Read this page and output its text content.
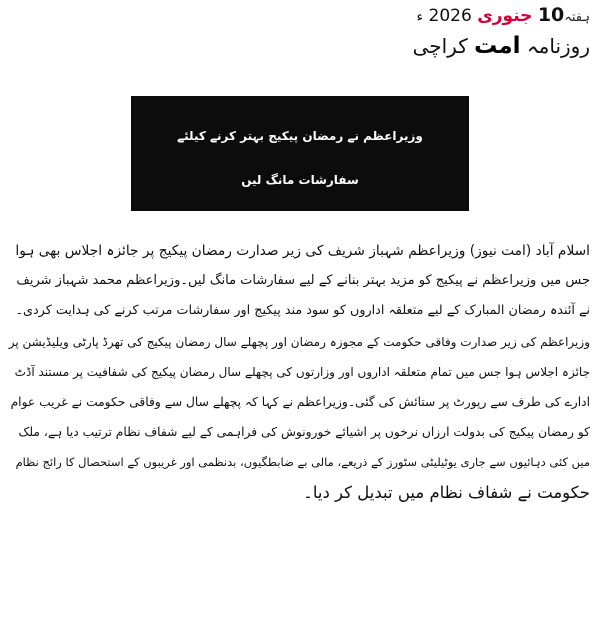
ہفتہ10 جنوری 2026 ء
روزنامہ امت کراچی
وزیراعظم نے رمضان پیکیج بہتر کرنے کیلئے
سفارشات مانگ لیں
اسلام آباد (امت نیوز) وزیراعظم شہباز شریف کی زیر صدارت رمضان پیکیج پر جائزہ اجلاس بھی ہوا
جس میں وزیراعظم نے پیکیج کو مزید بہتر بنانے کے لیے سفارشات مانگ لیں۔وزیراعظم محمد شہباز شریف
نے آئندہ رمضان المبارک کے لیے متعلقہ اداروں کو سود مند پیکیج اور سفارشات مرتب کرنے کی ہدایت کردی۔
وزیراعظم کی زیر صدارت وفاقی حکومت کے مجوزہ رمضان اور پچھلے سال رمضان پیکیج کی تھرڈ پارٹی ویلیڈیشن پر
جائزہ اجلاس ہوا جس میں تمام متعلقہ اداروں اور وزارتوں کی پچھلے سال رمضان پیکیج کی شفافیت پر مستند آڈٹ
ادارے کی طرف سے رپورٹ پر ستائش کی گئی۔وزیراعظم نے کہا کہ پچھلے سال سے وفاقی حکومت نے غریب عوام
کو رمضان پیکیج کی بدولت ارزاں نرخوں پر اشیائے خورونوش کی فراہمی کے لیے شفاف نظام ترتیب دیا ہے، ملک
میں کئی دہائیوں سے جاری یوٹیلیٹی سٹورز کے ذریعے، مالی بے ضابطگیوں، بدنظمی اور غریبوں کے استحصال کا رائج نظام
حکومت نے شفاف نظام میں تبدیل کر دیا۔
